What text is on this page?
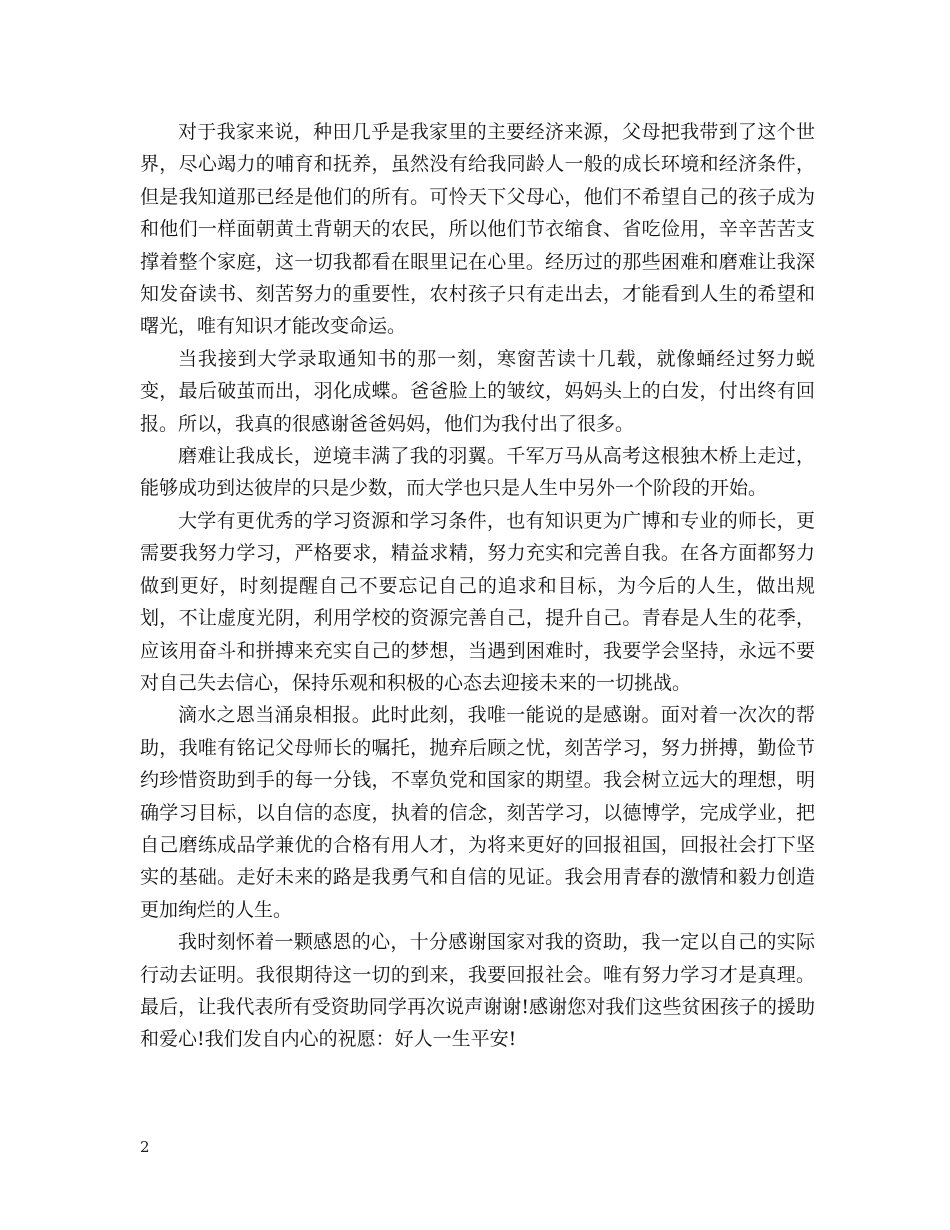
对于我家来说，种田几乎是我家里的主要经济来源，父母把我带到了这个世界，尽心竭力的哺育和抚养，虽然没有给我同龄人一般的成长环境和经济条件，但是我知道那已经是他们的所有。可怜天下父母心，他们不希望自己的孩子成为和他们一样面朝黄土背朝天的农民，所以他们节衣缩食、省吃俭用，辛辛苦苦支撑着整个家庭，这一切我都看在眼里记在心里。经历过的那些困难和磨难让我深知发奋读书、刻苦努力的重要性，农村孩子只有走出去，才能看到人生的希望和曙光，唯有知识才能改变命运。

当我接到大学录取通知书的那一刻，寒窗苦读十几载，就像蛹经过努力蜕变，最后破茧而出，羽化成蝶。爸爸脸上的皱纹，妈妈头上的白发，付出终有回报。所以，我真的很感谢爸爸妈妈，他们为我付出了很多。

磨难让我成长，逆境丰满了我的羽翼。千军万马从高考这根独木桥上走过，能够成功到达彼岸的只是少数，而大学也只是人生中另外一个阶段的开始。

大学有更优秀的学习资源和学习条件，也有知识更为广博和专业的师长，更需要我努力学习，严格要求，精益求精，努力充实和完善自我。在各方面都努力做到更好，时刻提醒自己不要忘记自己的追求和目标，为今后的人生，做出规划，不让虚度光阴，利用学校的资源完善自己，提升自己。青春是人生的花季，应该用奋斗和拼搏来充实自己的梦想，当遇到困难时，我要学会坚持，永远不要对自己失去信心，保持乐观和积极的心态去迎接未来的一切挑战。

滴水之恩当涌泉相报。此时此刻，我唯一能说的是感谢。面对着一次次的帮助，我唯有铭记父母师长的嘱托，抛弃后顾之忧，刻苦学习，努力拼搏，勤俭节约珍惜资助到手的每一分钱，不辜负党和国家的期望。我会树立远大的理想，明确学习目标，以自信的态度，执着的信念，刻苦学习，以德博学，完成学业，把自己磨练成品学兼优的合格有用人才，为将来更好的回报祖国，回报社会打下坚实的基础。走好未来的路是我勇气和自信的见证。我会用青春的激情和毅力创造更加绚烂的人生。

我时刻怀着一颗感恩的心，十分感谢国家对我的资助，我一定以自己的实际行动去证明。我很期待这一切的到来，我要回报社会。唯有努力学习才是真理。最后，让我代表所有受资助同学再次说声谢谢!感谢您对我们这些贫困孩子的援助和爱心!我们发自内心的祝愿：好人一生平安!

2
